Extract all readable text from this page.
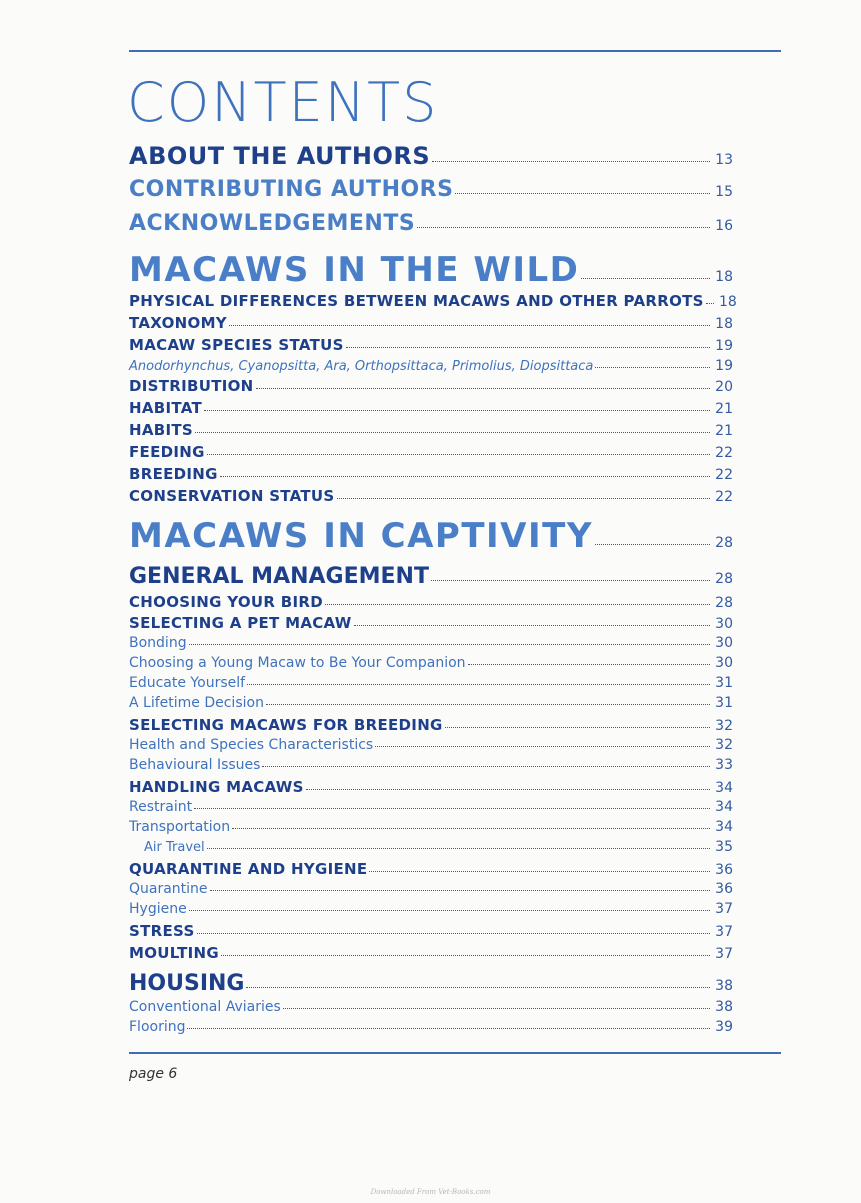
CONTENTS
ABOUT THE AUTHORS	13
CONTRIBUTING AUTHORS	15
ACKNOWLEDGEMENTS	16
MACAWS IN THE WILD	18
PHYSICAL DIFFERENCES BETWEEN MACAWS AND OTHER PARROTS 18
TAXONOMY	18
MACAW SPECIES STATUS	19
Anodorhynchus, Cyanopsitta, Ara, Orthopsittaca, Primolius, Diopsittaca	19
DISTRIBUTION	20
HABITAT	21
HABITS	21
FEEDING	22
BREEDING	22
CONSERVATION STATUS	22
MACAWS IN CAPTIVITY	28
GENERAL MANAGEMENT	28
CHOOSING YOUR BIRD	28
SELECTING A PET MACAW	30
Bonding	30
Choosing a Young Macaw to Be Your Companion	30
Educate Yourself	31
A Lifetime Decision	31
SELECTING MACAWS FOR BREEDING	32
Health and Species Characteristics	32
Behavioural Issues	33
HANDLING MACAWS	34
Restraint	34
Transportation	34
Air Travel	35
QUARANTINE AND HYGIENE	36
Quarantine	36
Hygiene	37
STRESS	37
MOULTING	37
HOUSING	38
Conventional Aviaries	38
Flooring	39
page 6
Downloaded From Vet-Books.com
